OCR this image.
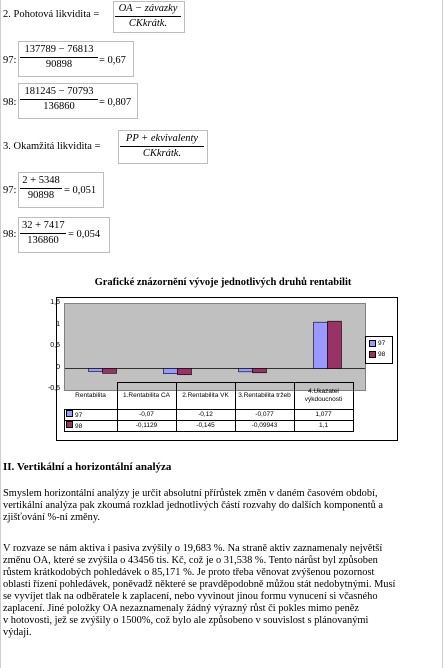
2. Pohotová likvidita =
OA − závazky
CKkrátk.
97: $\frac{137789 - 76813}{90898} = 0,67$
98: $\frac{181245 - 70793}{136860} = 0,807$
3. Okamžitá likvidita =
PP + ekvivalenty
CKkrátk.
97: $\frac{2 + 5348}{90898} = 0,051$
98: $\frac{32 + 7417}{136860} = 0,054$
Grafické znázornění vývoje jednotlivých druhů rentabilit
1,5
1
0,5
0
-0,5
97
98
Rentabilita	1.Rentabilita CA	2.Rentabilita VK	3.Rentabilita tržeb	4.Ukazatel výkdoucnosti
97	-0,07	-0,12	-0,077	1,077
98	-0,1129	-0,145	-0,09943	1,1
II. Vertikální a horizontální analýza
Smyslem horizontální analýzy je určit absolutní přírůstek změn v daném časovém období,
vertikální analýza pak zkoumá rozklad jednotlivých částí rozvahy do dalších komponentů a
zjišťování %-ní změny.
V rozvaze se nám aktiva i pasiva zvýšily o 19,683 %. Na straně aktiv zaznamenaly největší
změnu OA, které se zvýšila o 43456 tis. Kč, což je o 31,538 %. Tento nárůst byl způsoben
růstem krátkodobých pohledávek o 85,171 %. Je proto třeba věnovat zvýšenou pozornost
oblasti řízení pohledávek, poněvadž některé se pravděpodobně můžou stát nedobytnými. Musí
se vyvíjet tlak na odběratele k zaplacení, nebo vyvinout jinou formu vynucení si včasného
zaplacení. Jiné položky OA nezaznamenaly žádný výrazný růst či pokles mimo peněz
v hotovosti, jež se zvýšily o 1500%, což bylo ale způsobeno v souvislost s plánovanými
výdaji.
